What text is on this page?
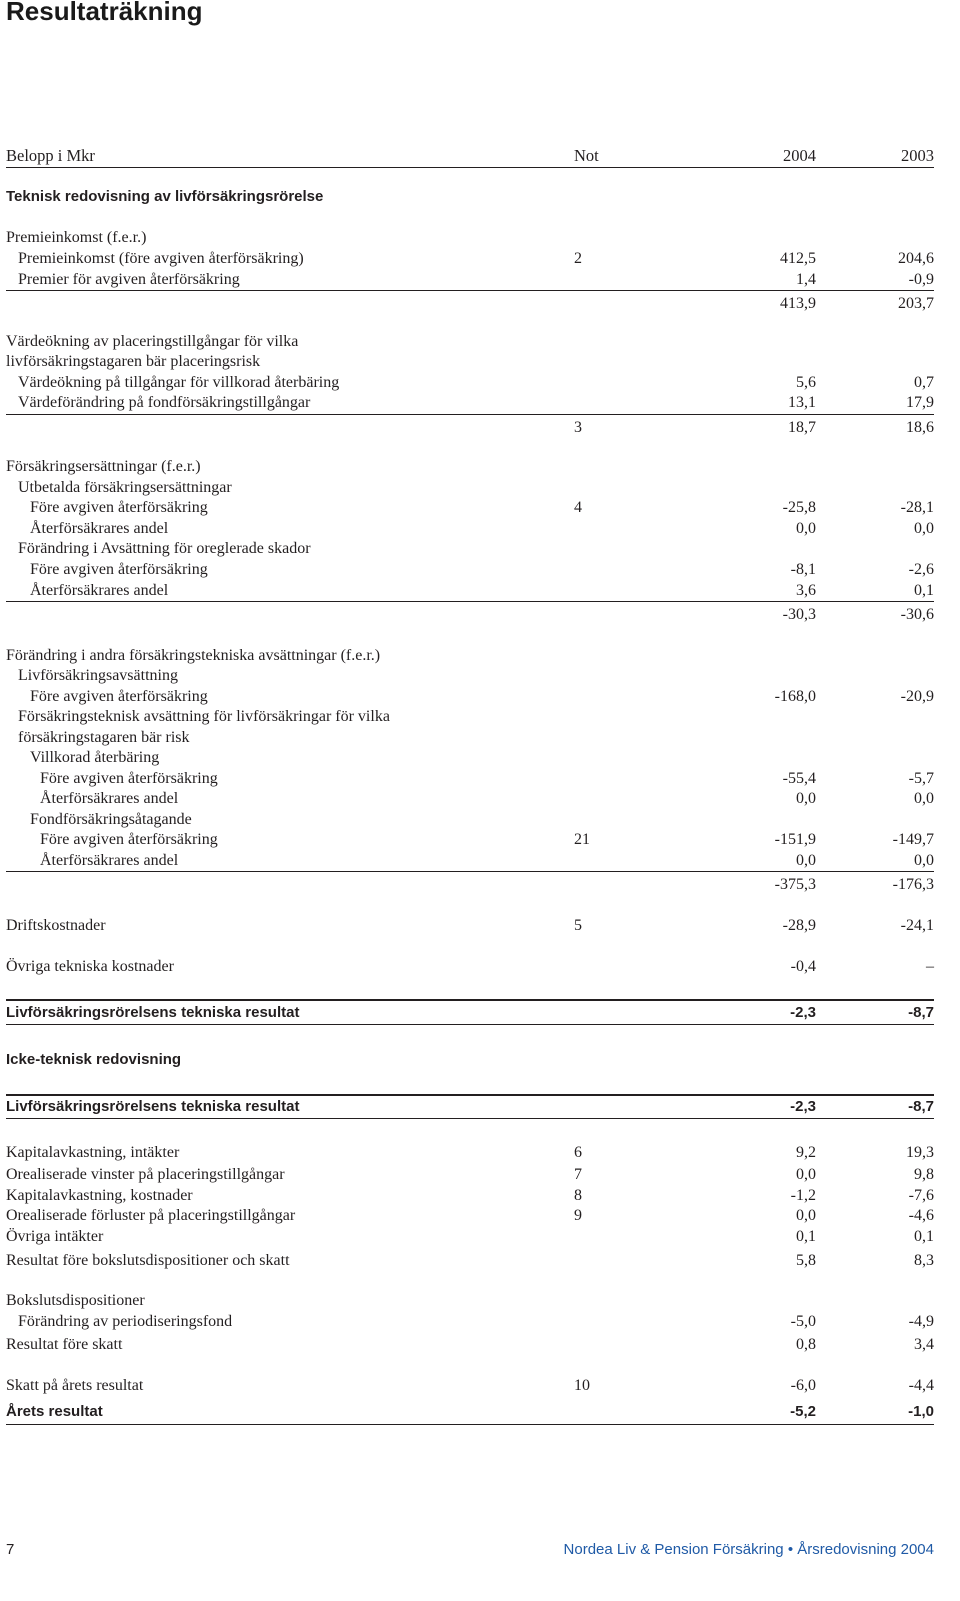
Resultaträkning
Belopp i Mkr	Not	2004	2003
Teknisk redovisning av livförsäkringsrörelse
Premieinkomst (f.e.r.)
Premieinkomst (före avgiven återförsäkring)	2	412,5	204,6
Premier för avgiven återförsäkring	1,4	-0,9
413,9	203,7
Värdeökning av placeringstillgångar för vilka
livförsäkringstagaren bär placeringsrisk
Värdeökning på tillgångar för villkorad återbäring	5,6	0,7
Värdeförändring på fondförsäkringstillgångar	13,1	17,9
3	18,7	18,6
Försäkringsersättningar (f.e.r.)
Utbetalda försäkringsersättningar
Före avgiven återförsäkring	4	-25,8	-28,1
Återförsäkrares andel	0,0	0,0
Förändring i Avsättning för oreglerade skador
Före avgiven återförsäkring	-8,1	-2,6
Återförsäkrares andel	3,6	0,1
-30,3	-30,6
Förändring i andra försäkringstekniska avsättningar (f.e.r.)
Livförsäkringsavsättning
Före avgiven återförsäkring	-168,0	-20,9
Försäkringsteknisk avsättning för livförsäkringar för vilka
försäkringstagaren bär risk
Villkorad återbäring
Före avgiven återförsäkring	-55,4	-5,7
Återförsäkrares andel	0,0	0,0
Fondförsäkringsåtagande
Före avgiven återförsäkring	21	-151,9	-149,7
Återförsäkrares andel	0,0	0,0
-375,3	-176,3
Driftskostnader	5	-28,9	-24,1
Övriga tekniska kostnader	-0,4	–
Livförsäkringsrörelsens tekniska resultat	-2,3	-8,7
Icke-teknisk redovisning
Livförsäkringsrörelsens tekniska resultat	-2,3	-8,7
Kapitalavkastning, intäkter	6	9,2	19,3
Orealiserade vinster på placeringstillgångar	7	0,0	9,8
Kapitalavkastning, kostnader	8	-1,2	-7,6
Orealiserade förluster på placeringstillgångar	9	0,0	-4,6
Övriga intäkter	0,1	0,1
Resultat före bokslutsdispositioner och skatt	5,8	8,3
Bokslutsdispositioner
Förändring av periodiseringsfond	-5,0	-4,9
Resultat före skatt	0,8	3,4
Skatt på årets resultat	10	-6,0	-4,4
Årets resultat	-5,2	-1,0
7	Nordea Liv & Pension Försäkring • Årsredovisning 2004
